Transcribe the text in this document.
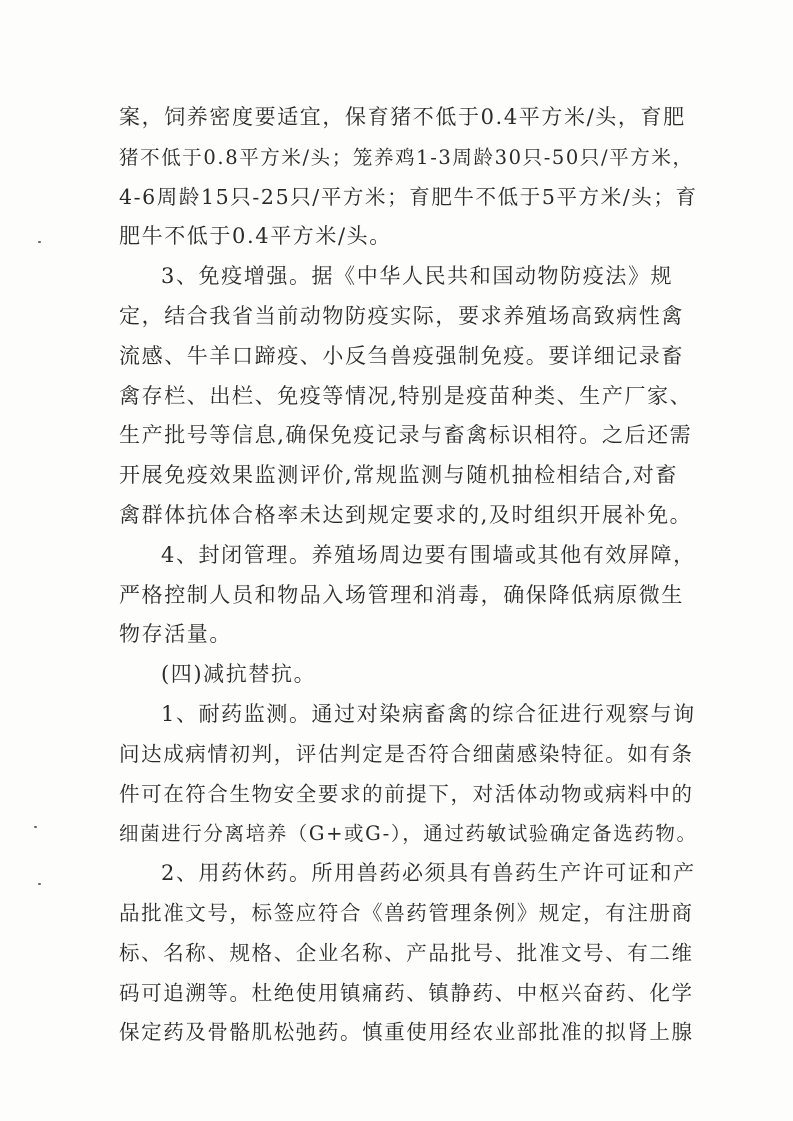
案，饲养密度要适宜，保育猪不低于0.4平方米/头，育肥
猪不低于0.8平方米/头；笼养鸡1-3周龄30只-50只/平方米，
4-6周龄15只-25只/平方米；育肥牛不低于5平方米/头；育
肥牛不低于0.4平方米/头。
3、免疫增强。据《中华人民共和国动物防疫法》规
定，结合我省当前动物防疫实际，要求养殖场高致病性禽
流感、牛羊口蹄疫、小反刍兽疫强制免疫。要详细记录畜
禽存栏、出栏、免疫等情况,特别是疫苗种类、生产厂家、
生产批号等信息,确保免疫记录与畜禽标识相符。之后还需
开展免疫效果监测评价,常规监测与随机抽检相结合,对畜
禽群体抗体合格率未达到规定要求的,及时组织开展补免。
4、封闭管理。养殖场周边要有围墙或其他有效屏障，
严格控制人员和物品入场管理和消毒，确保降低病原微生
物存活量。
(四)减抗替抗。
1、耐药监测。通过对染病畜禽的综合征进行观察与询
问达成病情初判，评估判定是否符合细菌感染特征。如有条
件可在符合生物安全要求的前提下，对活体动物或病料中的
细菌进行分离培养（G+或G-），通过药敏试验确定备选药物。
2、用药休药。所用兽药必须具有兽药生产许可证和产
品批准文号，标签应符合《兽药管理条例》规定，有注册商
标、名称、规格、企业名称、产品批号、批准文号、有二维
码可追溯等。杜绝使用镇痛药、镇静药、中枢兴奋药、化学
保定药及骨骼肌松弛药。慎重使用经农业部批准的拟肾上腺
